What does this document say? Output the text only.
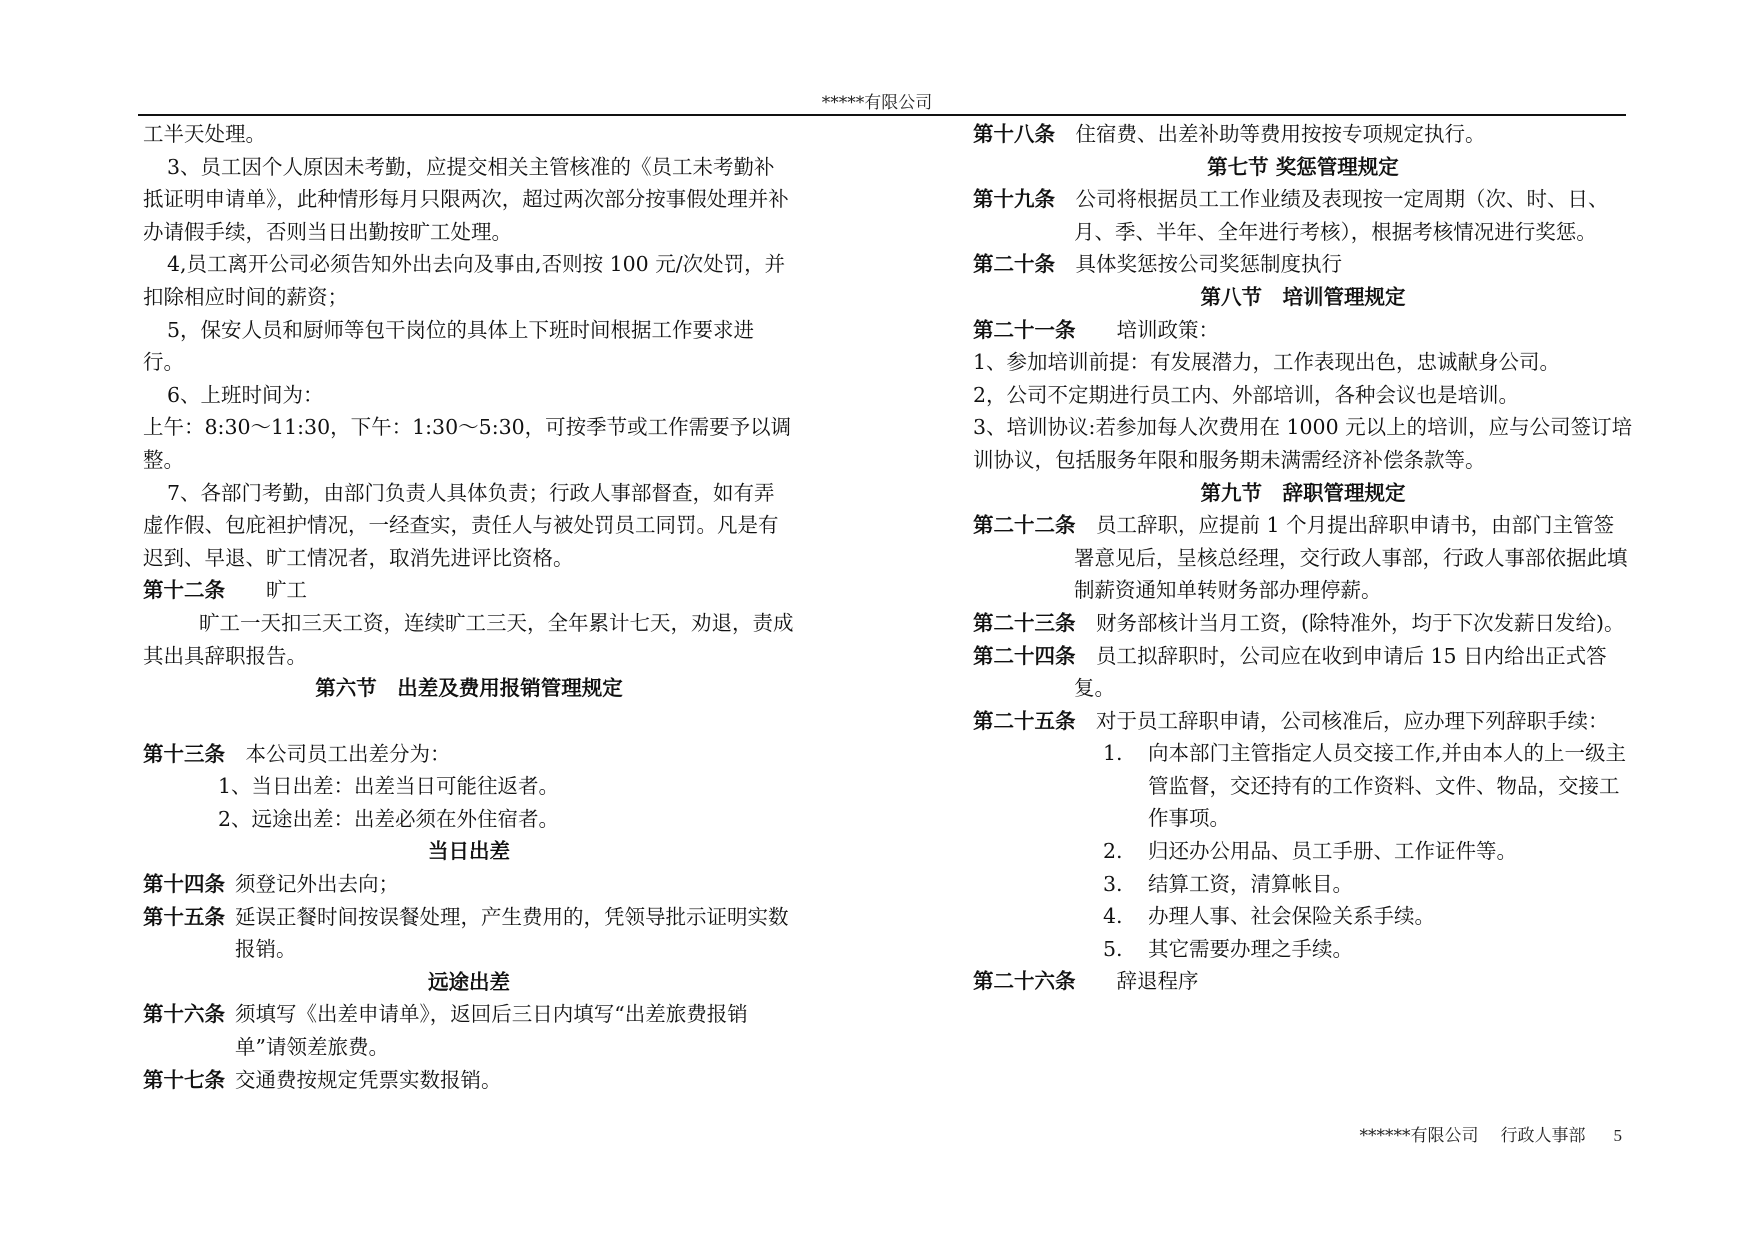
*****有限公司

工半天处理。

3、员工因个人原因未考勤，应提交相关主管核准的《员工未考勤补抵证明申请单》，此种情形每月只限两次，超过两次部分按事假处理并补办请假手续，否则当日出勤按旷工处理。

4,员工离开公司必须告知外出去向及事由,否则按 100 元/次处罚，并扣除相应时间的薪资；

5，保安人员和厨师等包干岗位的具体上下班时间根据工作要求进行。

6、上班时间为：

上午：8:30～11:30，下午：1:30～5:30，可按季节或工作需要予以调整。

7、各部门考勤，由部门负责人具体负责；行政人事部督查，如有弄虚作假、包庇袒护情况，一经查实，责任人与被处罚员工同罚。凡是有迟到、早退、旷工情况者，取消先进评比资格。

第十二条　　 旷工

旷工一天扣三天工资，连续旷工三天，全年累计七天，劝退，责成其出具辞职报告。

第六节　出差及费用报销管理规定

第十三条　 本公司员工出差分为：

1、当日出差：出差当日可能往返者。

2、远途出差：出差必须在外住宿者。

当日出差

第十四条 须登记外出去向；
第十五条 延误正餐时间按误餐处理，产生费用的，凭领导批示证明实数报销。

远途出差

第十六条 须填写《出差申请单》，返回后三日内填写“出差旅费报销单”请领差旅费。
第十七条 交通费按规定凭票实数报销。

第十八条　 住宿费、出差补助等费用按按专项规定执行。

第七节 奖惩管理规定

第十九条　 公司将根据员工工作业绩及表现按一定周期（次、时、日、月、季、半年、全年进行考核），根据考核情况进行奖惩。

第二十条　 具体奖惩按公司奖惩制度执行

第八节　培训管理规定

第二十一条　　 培训政策：

1、参加培训前提：有发展潜力，工作表现出色，忠诚献身公司。

2，公司不定期进行员工内、外部培训，各种会议也是培训。

3、培训协议:若参加每人次费用在 1000 元以上的培训，应与公司签订培训协议，包括服务年限和服务期未满需经济补偿条款等。

第九节　辞职管理规定

第二十二条　 员工辞职，应提前 1 个月提出辞职申请书，由部门主管签署意见后，呈核总经理，交行政人事部，行政人事部依据此填制薪资通知单转财务部办理停薪。

第二十三条　 财务部核计当月工资，(除特准外，均于下次发薪日发给)。

第二十四条　 员工拟辞职时，公司应在收到申请后 15 日内给出正式答复。

第二十五条　 对于员工辞职申请，公司核准后，应办理下列辞职手续：

1.	向本部门主管指定人员交接工作,并由本人的上一级主管监督，交还持有的工作资料、文件、物品，交接工作事项。
2.	归还办公用品、员工手册、工作证件等。
3.	结算工资，清算帐目。
4.	办理人事、社会保险关系手续。
5.	其它需要办理之手续。

第二十六条　　 辞退程序

******有限公司 行政人事部 5
